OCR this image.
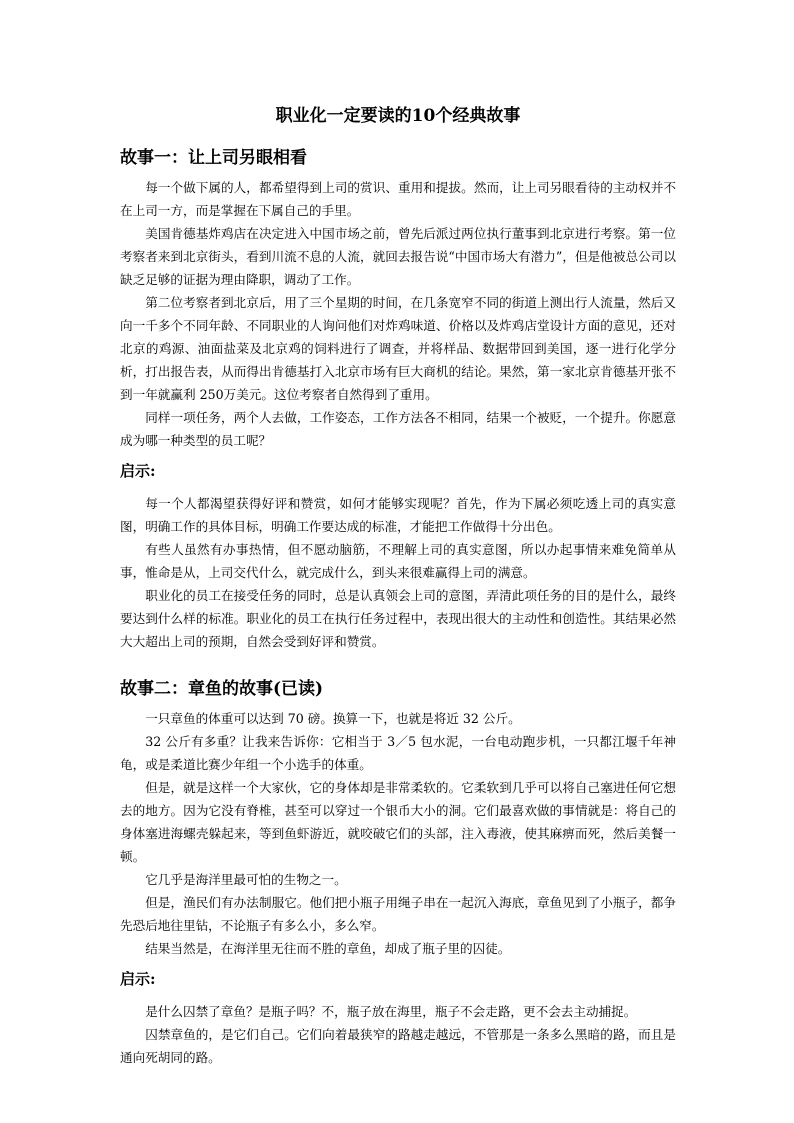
职业化一定要读的10个经典故事
故事一：让上司另眼相看

每一个做下属的人，都希望得到上司的赏识、重用和提拔。然而，让上司另眼看待的主动权并不在上司一方，而是掌握在下属自己的手里。

美国肯德基炸鸡店在决定进入中国市场之前，曾先后派过两位执行董事到北京进行考察。第一位考察者来到北京街头，看到川流不息的人流，就回去报告说“中国市场大有潜力”，但是他被总公司以缺乏足够的证据为理由降职，调动了工作。

第二位考察者到北京后，用了三个星期的时间，在几条宽窄不同的街道上测出行人流量，然后又向一千多个不同年龄、不同职业的人询问他们对炸鸡味道、价格以及炸鸡店堂设计方面的意见，还对北京的鸡源、油面盐菜及北京鸡的饲料进行了调查，并将样品、数据带回到美国，逐一进行化学分析，打出报告表，从而得出肯德基打入北京市场有巨大商机的结论。果然，第一家北京肯德基开张不到一年就赢利 250万美元。这位考察者自然得到了重用。

同样一项任务，两个人去做，工作姿态，工作方法各不相同，结果一个被贬，一个提升。你愿意成为哪一种类型的员工呢？

启示:

每一个人都渴望获得好评和赞赏，如何才能够实现呢？首先，作为下属必须吃透上司的真实意图，明确工作的具体目标，明确工作要达成的标准，才能把工作做得十分出色。

有些人虽然有办事热情，但不愿动脑筋，不理解上司的真实意图，所以办起事情来难免简单从事，惟命是从，上司交代什么，就完成什么，到头来很难赢得上司的满意。

职业化的员工在接受任务的同时，总是认真领会上司的意图，弄清此项任务的目的是什么，最终要达到什么样的标准。职业化的员工在执行任务过程中，表现出很大的主动性和创造性。其结果必然大大超出上司的预期，自然会受到好评和赞赏。

故事二：章鱼的故事(已读)

一只章鱼的体重可以达到 70 磅。换算一下，也就是将近 32 公斤。

32 公斤有多重？让我来告诉你：它相当于 3／5 包水泥，一台电动跑步机，一只都江堰千年神龟，或是柔道比赛少年组一个小选手的体重。

但是，就是这样一个大家伙，它的身体却是非常柔软的。它柔软到几乎可以将自己塞进任何它想去的地方。因为它没有脊椎，甚至可以穿过一个银币大小的洞。它们最喜欢做的事情就是：将自己的身体塞进海螺壳躲起来，等到鱼虾游近，就咬破它们的头部，注入毒液，使其麻痹而死，然后美餐一顿。

它几乎是海洋里最可怕的生物之一。

但是，渔民们有办法制服它。他们把小瓶子用绳子串在一起沉入海底，章鱼见到了小瓶子，都争先恐后地往里钻，不论瓶子有多么小，多么窄。

结果当然是，在海洋里无往而不胜的章鱼，却成了瓶子里的囚徒。

启示:

是什么囚禁了章鱼？是瓶子吗？不，瓶子放在海里，瓶子不会走路，更不会去主动捕捉。

囚禁章鱼的，是它们自己。它们向着最狭窄的路越走越远，不管那是一条多么黑暗的路，而且是通向死胡同的路。
